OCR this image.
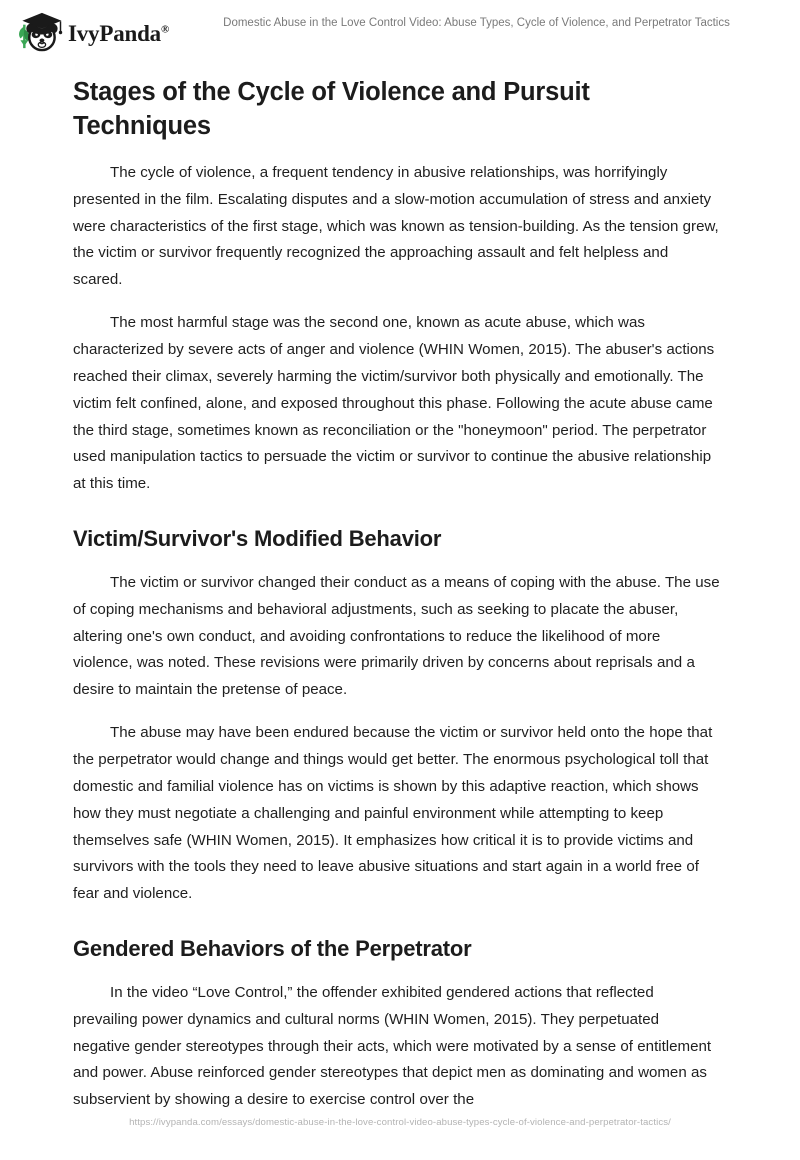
IvyPanda®	Domestic Abuse in the Love Control Video: Abuse Types, Cycle of Violence, and Perpetrator Tactics
Stages of the Cycle of Violence and Pursuit Techniques

The cycle of violence, a frequent tendency in abusive relationships, was horrifyingly presented in the film. Escalating disputes and a slow-motion accumulation of stress and anxiety were characteristics of the first stage, which was known as tension-building. As the tension grew, the victim or survivor frequently recognized the approaching assault and felt helpless and scared.

The most harmful stage was the second one, known as acute abuse, which was characterized by severe acts of anger and violence (WHIN Women, 2015). The abuser's actions reached their climax, severely harming the victim/survivor both physically and emotionally. The victim felt confined, alone, and exposed throughout this phase. Following the acute abuse came the third stage, sometimes known as reconciliation or the "honeymoon" period. The perpetrator used manipulation tactics to persuade the victim or survivor to continue the abusive relationship at this time.

Victim/Survivor's Modified Behavior

The victim or survivor changed their conduct as a means of coping with the abuse. The use of coping mechanisms and behavioral adjustments, such as seeking to placate the abuser, altering one's own conduct, and avoiding confrontations to reduce the likelihood of more violence, was noted. These revisions were primarily driven by concerns about reprisals and a desire to maintain the pretense of peace.

The abuse may have been endured because the victim or survivor held onto the hope that the perpetrator would change and things would get better. The enormous psychological toll that domestic and familial violence has on victims is shown by this adaptive reaction, which shows how they must negotiate a challenging and painful environment while attempting to keep themselves safe (WHIN Women, 2015). It emphasizes how critical it is to provide victims and survivors with the tools they need to leave abusive situations and start again in a world free of fear and violence.

Gendered Behaviors of the Perpetrator

In the video “Love Control,” the offender exhibited gendered actions that reflected prevailing power dynamics and cultural norms (WHIN Women, 2015). They perpetuated negative gender stereotypes through their acts, which were motivated by a sense of entitlement and power. Abuse reinforced gender stereotypes that depict men as dominating and women as subservient by showing a desire to exercise control over the

https://ivypanda.com/essays/domestic-abuse-in-the-love-control-video-abuse-types-cycle-of-violence-and-perpetrator-tactics/
